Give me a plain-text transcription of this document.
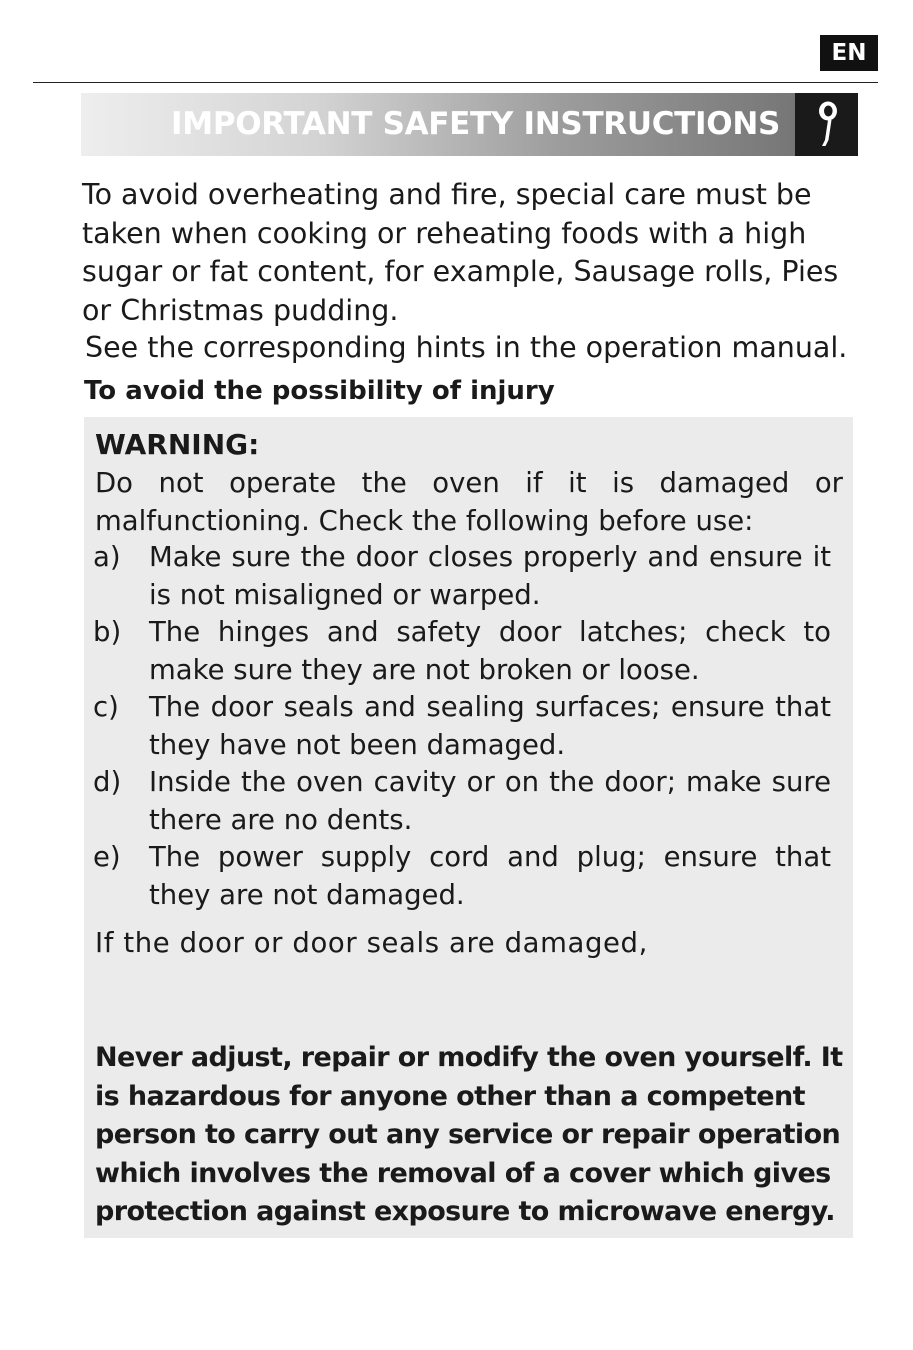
EN
IMPORTANT SAFETY INSTRUCTIONS

To avoid overheating and fire, special care must be taken when cooking or reheating foods with a high sugar or fat content, for example, Sausage rolls, Pies or Christmas pudding.

See the corresponding hints in the operation manual.

To avoid the possibility of injury
WARNING:

Do not operate the oven if it is damaged or malfunctioning. Check the following before use:

a) Make sure the door closes properly and ensure it is not misaligned or warped.

b) The hinges and safety door latches; check to make sure they are not broken or loose.

c) The door seals and sealing surfaces; ensure that they have not been damaged.

d) Inside the oven cavity or on the door; make sure there are no dents.

e) The power supply cord and plug; ensure that they are not damaged.

If the door or door seals are damaged,

Never adjust, repair or modify the oven yourself. It is hazardous for anyone other than a competent person to carry out any service or repair operation which involves the removal of a cover which gives protection against exposure to microwave energy.
